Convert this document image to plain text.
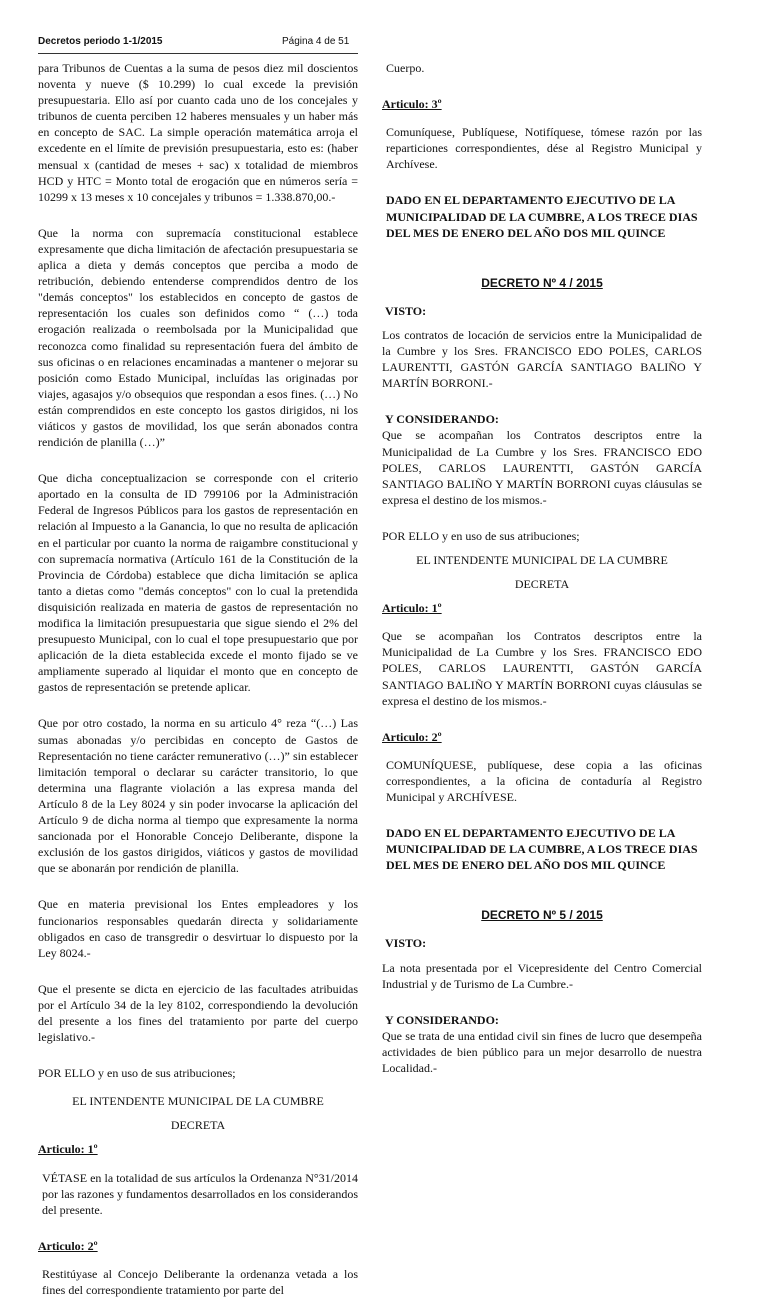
Decretos periodo 1-1/2015	Página 4 de 51

para Tribunos de Cuentas a la suma de pesos diez mil doscientos noventa y nueve ($ 10.299) lo cual excede la previsión presupuestaria. Ello así por cuanto cada uno de los concejales y tribunos de cuenta perciben 12 haberes mensuales y un haber más en concepto de SAC. La simple operación matemática arroja el excedente en el límite de previsión presupuestaria, esto es: (haber mensual x (cantidad de meses + sac) x totalidad de miembros HCD y HTC = Monto total de erogación que en números sería = 10299 x 13 meses x 10 concejales y tribunos = 1.338.870,00.-

Que la norma con supremacía constitucional establece expresamente que dicha limitación de afectación presupuestaria se aplica a dieta y demás conceptos que perciba a modo de retribución, debiendo entenderse comprendidos dentro de los "demás conceptos" los establecidos en concepto de gastos de representación los cuales son definidos como “ (…) toda erogación realizada o reembolsada por la Municipalidad que reconozca como finalidad su representación fuera del ámbito de sus oficinas o en relaciones encaminadas a mantener o mejorar su posición como Estado Municipal, incluídas las originadas por viajes, agasajos y/o obsequios que respondan a esos fines. (…) No están comprendidos en este concepto los gastos dirigidos, ni los viáticos y gastos de movilidad, los que serán abonados contra rendición de planilla (…)”

Que dicha conceptualizacion se corresponde con el criterio aportado en la consulta de ID 799106 por la Administración Federal de Ingresos Públicos para los gastos de representación en relación al Impuesto a la Ganancia, lo que no resulta de aplicación en el particular por cuanto la norma de raigambre constitucional y con supremacía normativa (Artículo 161 de la Constitución de la Provincia de Córdoba) establece que dicha limitación se aplica tanto a dietas como "demás conceptos" con lo cual la pretendida disquisición realizada en materia de gastos de representación no modifica la limitación presupuestaria que sigue siendo el 2% del presupuesto Municipal, con lo cual el tope presupuestario que por aplicación de la dieta establecida excede el monto fijado se ve ampliamente superado al liquidar el monto que en concepto de gastos de representación se pretende aplicar.

Que por otro costado, la norma en su articulo 4° reza “(…) Las sumas abonadas y/o percibidas en concepto de Gastos de Representación no tiene carácter remunerativo (…)” sin establecer limitación temporal o declarar su carácter transitorio, lo que determina una flagrante violación a las expresa manda del Artículo 8 de la Ley 8024 y sin poder invocarse la aplicación del Artículo 9 de dicha norma al tiempo que expresamente la norma sancionada por el Honorable Concejo Deliberante, dispone la exclusión de los gastos dirigidos, viáticos y gastos de movilidad que se abonarán por rendición de planilla.

Que en materia previsional los Entes empleadores y los funcionarios responsables quedarán directa y solidariamente obligados en caso de transgredir o desvirtuar lo dispuesto por la Ley 8024.-

Que el presente se dicta en ejercicio de las facultades atribuidas por el Artículo 34 de la ley 8102, correspondiendo la devolución del presente a los fines del tratamiento por parte del cuerpo legislativo.-

POR ELLO y en uso de sus atribuciones;

EL INTENDENTE MUNICIPAL DE LA CUMBRE

DECRETA

Articulo: 1º

VÉTASE en la totalidad de sus artículos la Ordenanza N°31/2014 por las razones y fundamentos desarrollados en los considerandos del presente.

Articulo: 2º

Restitúyase al Concejo Deliberante la ordenanza vetada a los fines del correspondiente tratamiento por parte del

Cuerpo.

Articulo: 3º

Comuníquese, Publíquese, Notifíquese, tómese razón por las reparticiones correspondientes, dése al Registro Municipal y Archívese.

DADO EN EL DEPARTAMENTO EJECUTIVO DE LA MUNICIPALIDAD DE LA CUMBRE, A LOS TRECE DIAS DEL MES DE ENERO DEL AÑO DOS MIL QUINCE

DECRETO Nº 4 / 2015

VISTO:

Los contratos de locación de servicios entre la Municipalidad de la Cumbre y los Sres. FRANCISCO EDO POLES, CARLOS LAURENTTI, GASTÓN GARCÍA SANTIAGO BALIÑO Y MARTÍN BORRONI.-

Y CONSIDERANDO:

Que se acompañan los Contratos descriptos entre la Municipalidad de La Cumbre y los Sres. FRANCISCO EDO POLES, CARLOS LAURENTTI, GASTÓN GARCÍA SANTIAGO BALIÑO Y MARTÍN BORRONI cuyas cláusulas se expresa el destino de los mismos.-

POR ELLO y en uso de sus atribuciones;

EL INTENDENTE MUNICIPAL DE LA CUMBRE

DECRETA

Articulo: 1º

Que se acompañan los Contratos descriptos entre la Municipalidad de La Cumbre y los Sres. FRANCISCO EDO POLES, CARLOS LAURENTTI, GASTÓN GARCÍA SANTIAGO BALIÑO Y MARTÍN BORRONI cuyas cláusulas se expresa el destino de los mismos.-

Articulo: 2º

COMUNÍQUESE, publíquese, dese copia a las oficinas correspondientes, a la oficina de contaduría al Registro Municipal y ARCHÍVESE.

DADO EN EL DEPARTAMENTO EJECUTIVO DE LA MUNICIPALIDAD DE LA CUMBRE, A LOS TRECE DIAS DEL MES DE ENERO DEL AÑO DOS MIL QUINCE

DECRETO Nº 5 / 2015

VISTO:

La nota presentada por el Vicepresidente del Centro Comercial Industrial y de Turismo de La Cumbre.-

Y CONSIDERANDO:

Que se trata de una entidad civil sin fines de lucro que desempeña actividades de bien público para un mejor desarrollo de nuestra Localidad.-
